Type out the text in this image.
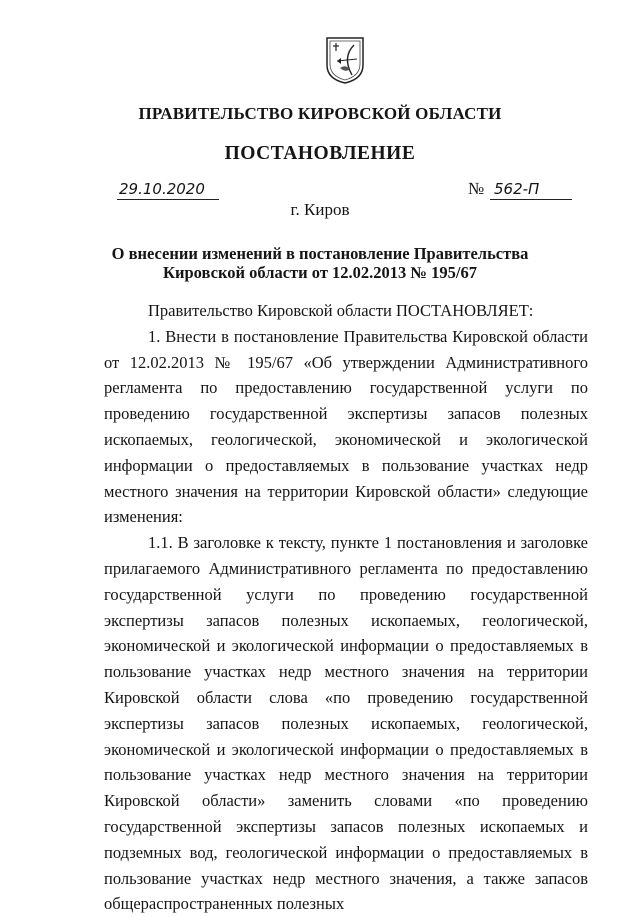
ПРАВИТЕЛЬСТВО КИРОВСКОЙ ОБЛАСТИ
ПОСТАНОВЛЕНИЕ
29.10.2020	№ 562-П
г. Киров
О внесении изменений в постановление Правительства
Кировской области от 12.02.2013 № 195/67

Правительство Кировской области ПОСТАНОВЛЯЕТ:

1. Внести в постановление Правительства Кировской области от 12.02.2013 № 195/67 «Об утверждении Административного регламента по предоставлению государственной услуги по проведению государственной экспертизы запасов полезных ископаемых, геологической, экономической и экологической информации о предоставляемых в пользование участках недр местного значения на территории Кировской области» следующие изменения:

1.1. В заголовке к тексту, пункте 1 постановления и заголовке прилагаемого Административного регламента по предоставлению государственной услуги по проведению государственной экспертизы запасов полезных ископаемых, геологической, экономической и экологической информации о предоставляемых в пользование участках недр местного значения на территории Кировской области слова «по проведению государственной экспертизы запасов полезных ископаемых, геологической, экономической и экологической информации о предоставляемых в пользование участках недр местного значения на территории Кировской области» заменить словами «по проведению государственной экспертизы запасов полезных ископаемых и подземных вод, геологической информации о предоставляемых в пользование участках недр местного значения, а также запасов общераспространенных полезных
